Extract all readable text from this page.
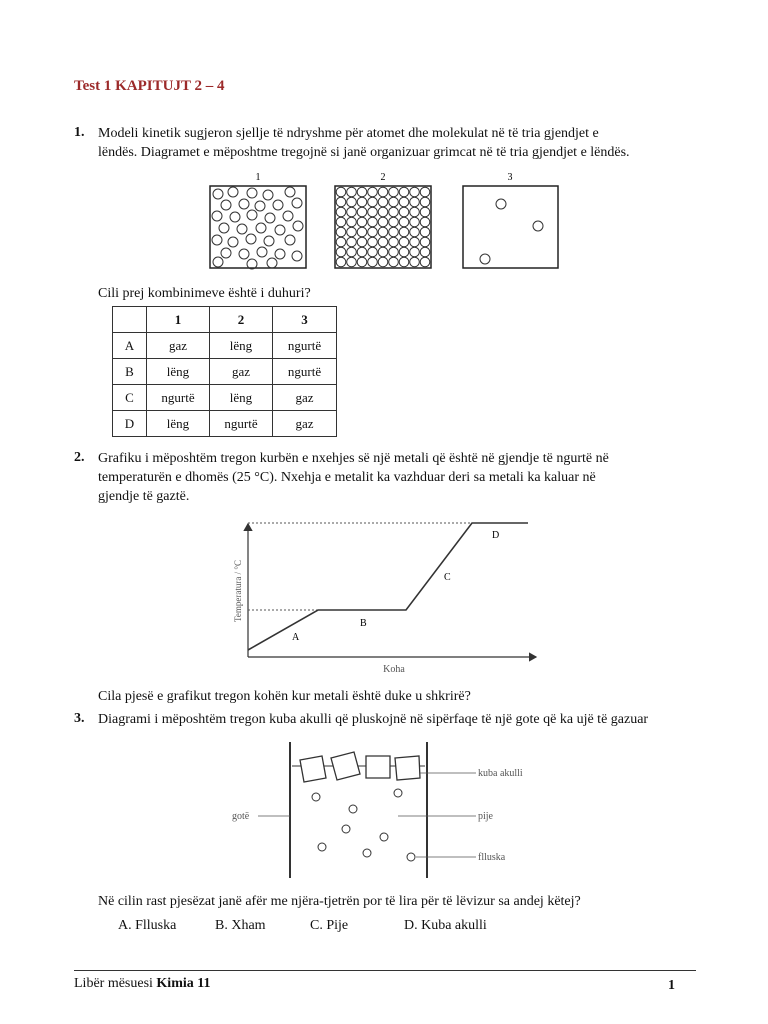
Test 1 KAPITUJT 2 – 4
1. Modeli kinetik sugjeron sjellje të ndryshme për atomet dhe molekulat në të tria gjendjet e
lëndës. Diagramet e mëposhtme tregojnë si janë organizuar grimcat në të tria gjendjet e lëndës.
1	2	3
Cili prej kombinimeve është i duhuri?
	1	2	3
A	gaz	lëng	ngurtë
B	lëng	gaz	ngurtë
C	ngurtë	lëng	gaz
D	lëng	ngurtë	gaz
2. Grafiku i mëposhtëm tregon kurbën e nxehjes së një metali që është në gjendje të ngurtë në
temperaturën e dhomës (25 °C). Nxehja e metalit ka vazhduar deri sa metali ka kaluar në
gjendje të gaztë.
A
B
C
D
Temperatura / °C
Koha
Cila pjesë e grafikut tregon kohën kur metali është duke u shkrirë?
3. Diagrami i mëposhtëm tregon kuba akulli që pluskojnë në sipërfaqe të një gote që ka ujë të gazuar
kuba akulli
gotë	pije
flluska
Në cilin rast pjesëzat janë afër me njëra-tjetrën por të lira për të lëvizur sa andej këtej?
A. Flluska	B. Xham	C. Pije	D. Kuba akulli
Libër mësuesi Kimia 11	1
